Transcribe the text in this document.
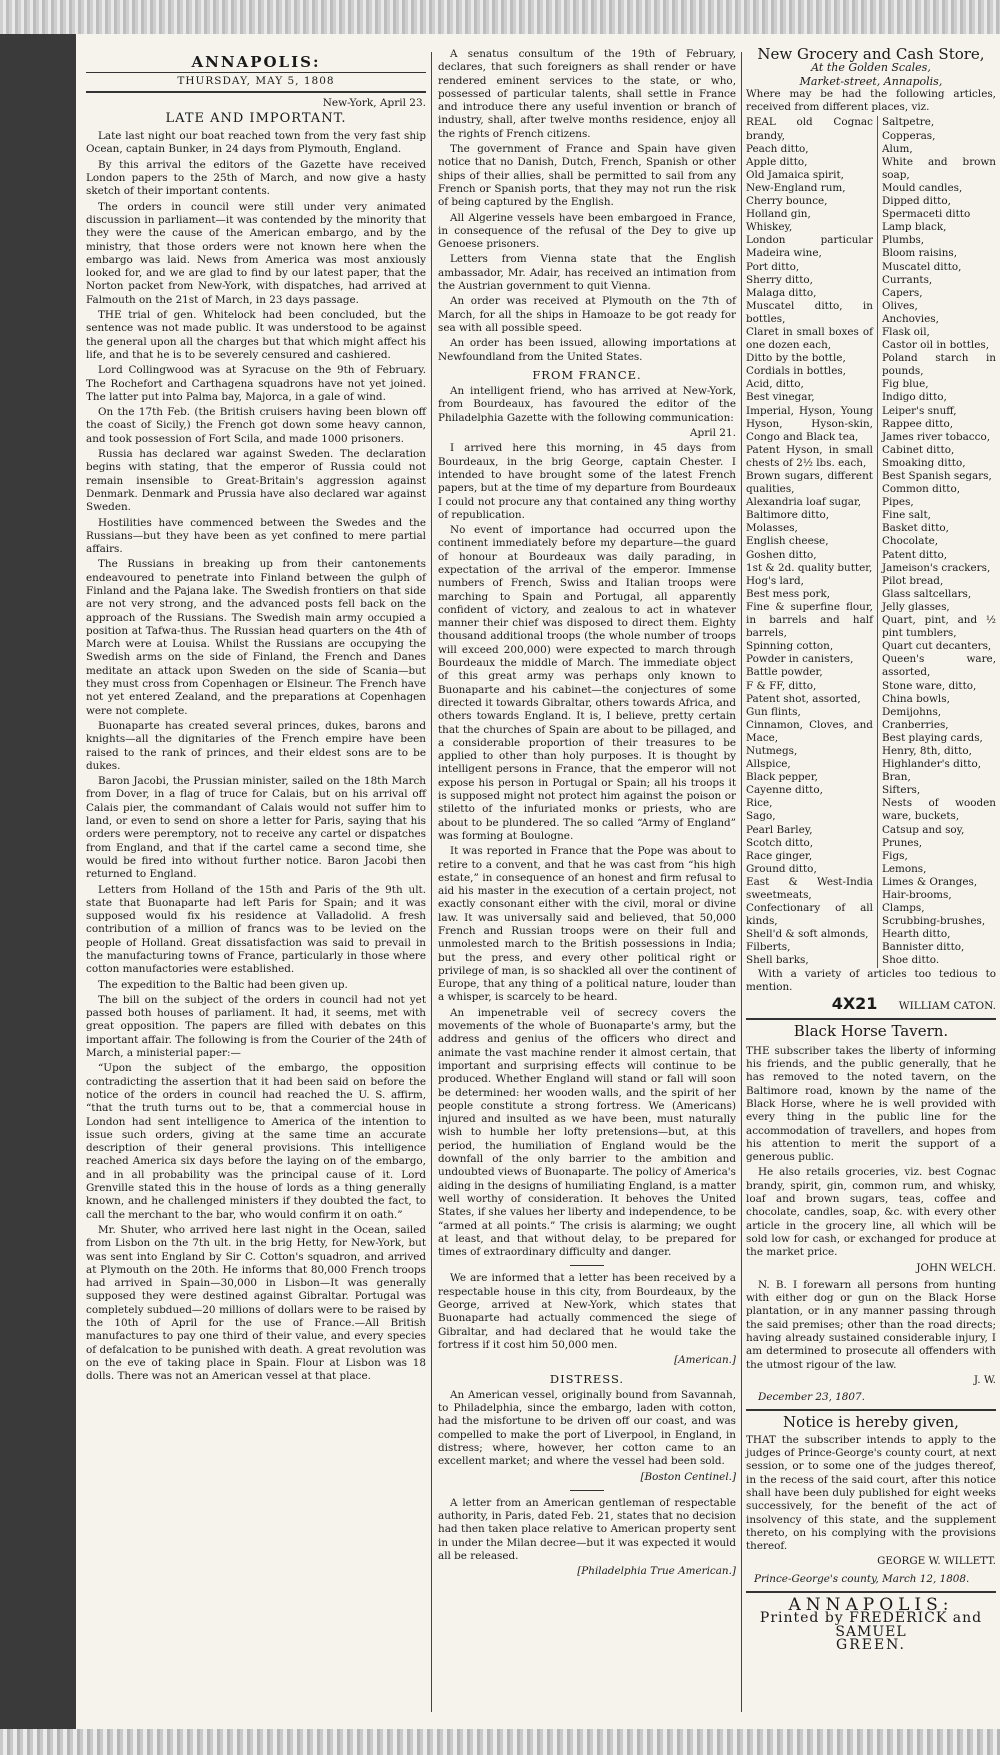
ANNAPOLIS:
THURSDAY, MAY 5, 1808
New-York, April 23.
LATE AND IMPORTANT.

Late last night our boat reached town from the very fast ship Ocean, captain Bunker, in 24 days from Plymouth, England.

By this arrival the editors of the Gazette have received London papers to the 25th of March, and now give a hasty sketch of their important contents.

The orders in council were still under very animated discussion in parliament—it was contended by the minority that they were the cause of the American embargo, and by the ministry, that those orders were not known here when the embargo was laid. News from America was most anxiously looked for, and we are glad to find by our latest paper, that the Norton packet from New-York, with dispatches, had arrived at Falmouth on the 21st of March, in 23 days passage.

THE trial of gen. Whitelock had been concluded, but the sentence was not made public. It was understood to be against the general upon all the charges but that which might affect his life, and that he is to be severely censured and cashiered.

Lord Collingwood was at Syracuse on the 9th of February. The Rochefort and Carthagena squadrons have not yet joined. The latter put into Palma bay, Majorca, in a gale of wind.

On the 17th Feb. (the British cruisers having been blown off the coast of Sicily,) the French got down some heavy cannon, and took possession of Fort Scila, and made 1000 prisoners.

Russia has declared war against Sweden. The declaration begins with stating, that the emperor of Russia could not remain insensible to Great-Britain's aggression against Denmark. Denmark and Prussia have also declared war against Sweden.

Hostilities have commenced between the Swedes and the Russians—but they have been as yet confined to mere partial affairs.

The Russians in breaking up from their cantonements endeavoured to penetrate into Finland between the gulph of Finland and the Pajana lake. The Swedish frontiers on that side are not very strong, and the advanced posts fell back on the approach of the Russians. The Swedish main army occupied a position at Tafwa-thus. The Russian head quarters on the 4th of March were at Louisa. Whilst the Russians are occupying the Swedish arms on the side of Finland, the French and Danes meditate an attack upon Sweden on the side of Scania—but they must cross from Copenhagen or Elsineur. The French have not yet entered Zealand, and the preparations at Copenhagen were not complete.

Buonaparte has created several princes, dukes, barons and knights—all the dignitaries of the French empire have been raised to the rank of princes, and their eldest sons are to be dukes.

Baron Jacobi, the Prussian minister, sailed on the 18th March from Dover, in a flag of truce for Calais, but on his arrival off Calais pier, the commandant of Calais would not suffer him to land, or even to send on shore a letter for Paris, saying that his orders were peremptory, not to receive any cartel or dispatches from England, and that if the cartel came a second time, she would be fired into without further notice. Baron Jacobi then returned to England.

Letters from Holland of the 15th and Paris of the 9th ult. state that Buonaparte had left Paris for Spain; and it was supposed would fix his residence at Valladolid. A fresh contribution of a million of francs was to be levied on the people of Holland. Great dissatisfaction was said to prevail in the manufacturing towns of France, particularly in those where cotton manufactories were established.

The expedition to the Baltic had been given up.

The bill on the subject of the orders in council had not yet passed both houses of parliament. It had, it seems, met with great opposition. The papers are filled with debates on this important affair. The following is from the Courier of the 24th of March, a ministerial paper:—

“Upon the subject of the embargo, the opposition contradicting the assertion that it had been said on before the notice of the orders in council had reached the U. S. affirm, “that the truth turns out to be, that a commercial house in London had sent intelligence to America of the intention to issue such orders, giving at the same time an accurate description of their general provisions. This intelligence reached America six days before the laying on of the embargo, and in all probability was the principal cause of it. Lord Grenville stated this in the house of lords as a thing generally known, and he challenged ministers if they doubted the fact, to call the merchant to the bar, who would confirm it on oath.”

Mr. Shuter, who arrived here last night in the Ocean, sailed from Lisbon on the 7th ult. in the brig Hetty, for New-York, but was sent into England by Sir C. Cotton's squadron, and arrived at Plymouth on the 20th. He informs that 80,000 French troops had arrived in Spain—30,000 in Lisbon—It was generally supposed they were destined against Gibraltar. Portugal was completely subdued—20 millions of dollars were to be raised by the 10th of April for the use of France.—All British manufactures to pay one third of their value, and every species of defalcation to be punished with death. A great revolution was on the eve of taking place in Spain. Flour at Lisbon was 18 dolls. There was not an American vessel at that place.

A senatus consultum of the 19th of February, declares, that such foreigners as shall render or have rendered eminent services to the state, or who, possessed of particular talents, shall settle in France and introduce there any useful invention or branch of industry, shall, after twelve months residence, enjoy all the rights of French citizens.

The government of France and Spain have given notice that no Danish, Dutch, French, Spanish or other ships of their allies, shall be permitted to sail from any French or Spanish ports, that they may not run the risk of being captured by the English.

All Algerine vessels have been embargoed in France, in consequence of the refusal of the Dey to give up Genoese prisoners.

Letters from Vienna state that the English ambassador, Mr. Adair, has received an intimation from the Austrian government to quit Vienna.

An order was received at Plymouth on the 7th of March, for all the ships in Hamoaze to be got ready for sea with all possible speed.

An order has been issued, allowing importations at Newfoundland from the United States.

FROM FRANCE.

An intelligent friend, who has arrived at New-York, from Bourdeaux, has favoured the editor of the Philadelphia Gazette with the following communication:

April 21.

I arrived here this morning, in 45 days from Bourdeaux, in the brig George, captain Chester. I intended to have brought some of the latest French papers, but at the time of my departure from Bourdeaux I could not procure any that contained any thing worthy of republication.

No event of importance had occurred upon the continent immediately before my departure—the guard of honour at Bourdeaux was daily parading, in expectation of the arrival of the emperor. Immense numbers of French, Swiss and Italian troops were marching to Spain and Portugal, all apparently confident of victory, and zealous to act in whatever manner their chief was disposed to direct them. Eighty thousand additional troops (the whole number of troops will exceed 200,000) were expected to march through Bourdeaux the middle of March. The immediate object of this great army was perhaps only known to Buonaparte and his cabinet—the conjectures of some directed it towards Gibraltar, others towards Africa, and others towards England. It is, I believe, pretty certain that the churches of Spain are about to be pillaged, and a considerable proportion of their treasures to be applied to other than holy purposes. It is thought by intelligent persons in France, that the emperor will not expose his person in Portugal or Spain; all his troops it is supposed might not protect him against the poison or stiletto of the infuriated monks or priests, who are about to be plundered. The so called “Army of England” was forming at Boulogne.

It was reported in France that the Pope was about to retire to a convent, and that he was cast from “his high estate,” in consequence of an honest and firm refusal to aid his master in the execution of a certain project, not exactly consonant either with the civil, moral or divine law. It was universally said and believed, that 50,000 French and Russian troops were on their full and unmolested march to the British possessions in India; but the press, and every other political right or privilege of man, is so shackled all over the continent of Europe, that any thing of a political nature, louder than a whisper, is scarcely to be heard.

An impenetrable veil of secrecy covers the movements of the whole of Buonaparte's army, but the address and genius of the officers who direct and animate the vast machine render it almost certain, that important and surprising effects will continue to be produced. Whether England will stand or fall will soon be determined: her wooden walls, and the spirit of her people constitute a strong fortress. We (Americans) injured and insulted as we have been, must naturally wish to humble her lofty pretensions—but, at this period, the humiliation of England would be the downfall of the only barrier to the ambition and undoubted views of Buonaparte. The policy of America's aiding in the designs of humiliating England, is a matter well worthy of consideration. It behoves the United States, if she values her liberty and independence, to be “armed at all points.” The crisis is alarming; we ought at least, and that without delay, to be prepared for times of extraordinary difficulty and danger.

We are informed that a letter has been received by a respectable house in this city, from Bourdeaux, by the George, arrived at New-York, which states that Buonaparte had actually commenced the siege of Gibraltar, and had declared that he would take the fortress if it cost him 50,000 men.

[American.]
DISTRESS.

An American vessel, originally bound from Savannah, to Philadelphia, since the embargo, laden with cotton, had the misfortune to be driven off our coast, and was compelled to make the port of Liverpool, in England, in distress; where, however, her cotton came to an excellent market; and where the vessel had been sold.

[Boston Centinel.]

A letter from an American gentleman of respectable authority, in Paris, dated Feb. 21, states that no decision had then taken place relative to American property sent in under the Milan decree—but it was expected it would all be released.

[Philadelphia True American.]
New Grocery and Cash Store,
At the Golden Scales,
Market-street, Annapolis,

Where may be had the following articles, received from different places, viz.

REAL old Cognac brandy,
Peach ditto,
Apple ditto,
Old Jamaica spirit,
New-England rum,
Cherry bounce,
Holland gin,
Whiskey,
London particular Madeira wine,
Port ditto,
Sherry ditto,
Malaga ditto,
Muscatel ditto, in bottles,
Claret in small boxes of one dozen each,
Ditto by the bottle,
Cordials in bottles,
Acid, ditto,
Best vinegar,
Imperial, Hyson, Young Hyson, Hyson-skin, Congo and Black tea,
Patent Hyson, in small chests of 2½ lbs. each,
Brown sugars, different qualities,
Alexandria loaf sugar,
Baltimore ditto,
Molasses,
English cheese,
Goshen ditto,
1st & 2d. quality butter,
Hog's lard,
Best mess pork,
Fine & superfine flour, in barrels and half barrels,
Spinning cotton,
Powder in canisters,
Battle powder,
F & FF, ditto,
Patent shot, assorted,
Gun flints,
Cinnamon, Cloves, and Mace,
Nutmegs,
Allspice,
Black pepper,
Cayenne ditto,
Rice,
Sago,
Pearl Barley,
Scotch ditto,
Race ginger,
Ground ditto,
East & West-India sweetmeats,
Confectionary of all kinds,
Shell'd & soft almonds,
Filberts,
Shell barks,
Saltpetre,
Copperas,
Alum,
White and brown soap,
Mould candles,
Dipped ditto,
Spermaceti ditto
Lamp black,
Plumbs,
Bloom raisins,
Muscatel ditto,
Currants,
Capers,
Olives,
Anchovies,
Flask oil,
Castor oil in bottles,
Poland starch in pounds,
Fig blue,
Indigo ditto,
Leiper's snuff,
Rappee ditto,
James river tobacco,
Cabinet ditto,
Smoaking ditto,
Best Spanish segars,
Common ditto,
Pipes,
Fine salt,
Basket ditto,
Chocolate,
Patent ditto,
Jameison's crackers,
Pilot bread,
Glass saltcellars,
Jelly glasses,
Quart, pint, and ½ pint tumblers,
Quart cut decanters,
Queen's ware, assorted,
Stone ware, ditto,
China bowls,
Demijohns,
Cranberries,
Best playing cards,
Henry, 8th, ditto,
Highlander's ditto,
Bran,
Sifters,
Nests of wooden ware, buckets,
Catsup and soy,
Prunes,
Figs,
Lemons,
Limes & Oranges,
Hair-brooms,
Clamps,
Scrubbing-brushes,
Hearth ditto,
Bannister ditto,
Shoe ditto.

With a variety of articles too tedious to mention.

4X21 WILLIAM CATON.
Black Horse Tavern.

THE subscriber takes the liberty of informing his friends, and the public generally, that he has removed to the noted tavern, on the Baltimore road, known by the name of the Black Horse, where he is well provided with every thing in the public line for the accommodation of travellers, and hopes from his attention to merit the support of a generous public.

He also retails groceries, viz. best Cognac brandy, spirit, gin, common rum, and whisky, loaf and brown sugars, teas, coffee and chocolate, candles, soap, &c. with every other article in the grocery line, all which will be sold low for cash, or exchanged for produce at the market price.

JOHN WELCH.

N. B. I forewarn all persons from hunting with either dog or gun on the Black Horse plantation, or in any manner passing through the said premises; other than the road directs; having already sustained considerable injury, I am determined to prosecute all offenders with the utmost rigour of the law.

J. W.
December 23, 1807.
Notice is hereby given,

THAT the subscriber intends to apply to the judges of Prince-George's county court, at next session, or to some one of the judges thereof, in the recess of the said court, after this notice shall have been duly published for eight weeks successively, for the benefit of the act of insolvency of this state, and the supplement thereto, on his complying with the provisions thereof.

GEORGE W. WILLETT.
Prince-George's county, March 12, 1808.
ANNAPOLIS:
Printed by FREDERICK and SAMUEL
GREEN.
